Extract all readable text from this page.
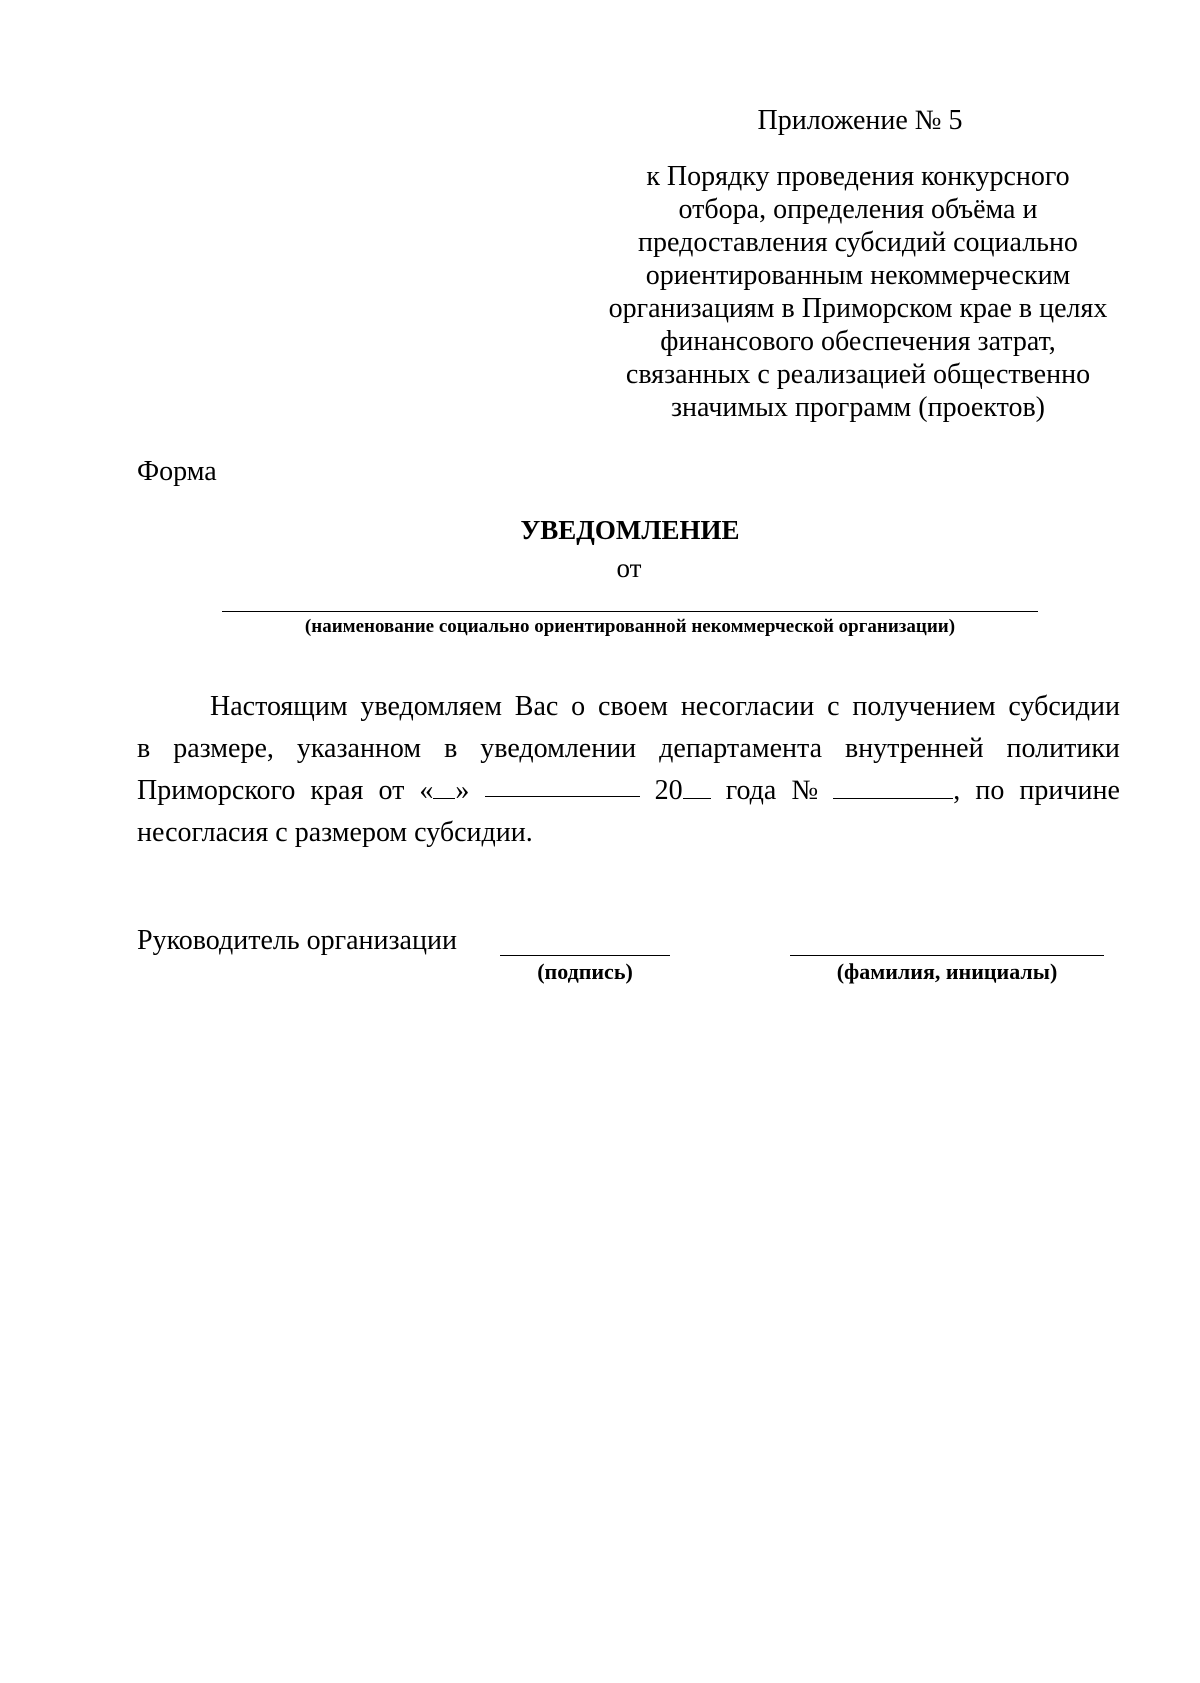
Приложение № 5
к Порядку проведения конкурсного
отбора, определения объёма и
предоставления субсидий социально
ориентированным некоммерческим
организациям в Приморском крае в целях
финансового обеспечения затрат,
связанных с реализацией общественно
значимых программ (проектов)
Форма
УВЕДОМЛЕНИЕ
от
(наименование социально ориентированной некоммерческой организации)
Настоящим уведомляем Вас о своем несогласии с получением субсидии
в размере, указанном в уведомлении департамента внутренней политики
Приморского края от « »	20	года №	, по причине
несогласия с размером субсидии.
Руководитель организации
(подпись)	(фамилия, инициалы)
